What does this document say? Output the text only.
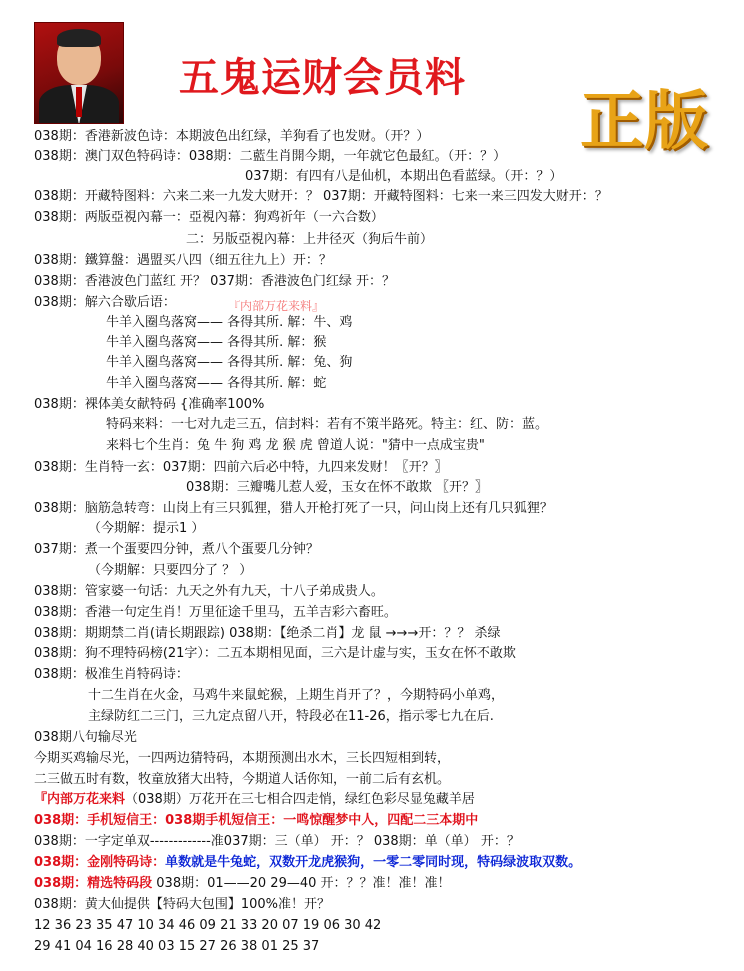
五鬼运财会员料
正版
『内部万花来料』
038期：香港新波色诗：本期波色出红绿，羊狗看了也发财。（开？）
038期：澳门双色特码诗：038期：二藍生肖開今期，一年就它色最紅。（开：？）
037期：有四有八是仙机，本期出色看蓝绿。（开：？）
038期：开藏特图料：六来二来一九发大财开：？ 037期：开藏特图料：七来一来三四发大财开：？
038期：两版亞視內幕一：亞視內幕：狗鸡祈年（一六合数）
二：另版亞視內幕：上井径灭（狗后牛前）
038期：鐵算盤：遇盟买八四（细五往九上）开：？
038期：香港波色门蓝红 开？ 037期：香港波色门红绿 开：？
038期：解六合歇后语：
牛羊入圈鸟落窝—— 各得其所. 解：牛、鸡
牛羊入圈鸟落窝—— 各得其所. 解：猴
牛羊入圈鸟落窝—— 各得其所. 解：兔、狗
牛羊入圈鸟落窝—— 各得其所. 解：蛇
038期：裸体美女献特码 {准确率100%
特码来料：一七对九走三五，信封料：若有不策半路死。特主：红、防：蓝。
来料七个生肖：兔 牛 狗 鸡 龙 猴 虎 曾道人说："猜中一点成宝贵"
038期：生肖特一玄：037期：四前六后必中特，九四来发财！〖开？〗
038期：三瓣嘴儿惹人爱，玉女在怀不敢欺 〖开？〗
038期：脑筋急转弯：山岗上有三只狐狸，猎人开枪打死了一只，问山岗上还有几只狐狸？
（今期解：提示1 ）
037期：煮一个蛋要四分钟，煮八个蛋要几分钟？
（今期解：只要四分了 ？ ）
038期：管家婆一句话：九天之外有九天，十八子弟成贵人。
038期：香港一句定生肖！万里征途千里马，五羊吉彩六畜旺。
038期：期期禁二肖(请长期跟踪) 038期：【绝杀二肖】龙 鼠 →→→开：？？ 杀绿
038期：狗不理特码榜(21字）：二五本期相见面，三六是计虚与实，玉女在怀不敢欺
038期：极准生肖特码诗：
十二生肖在火金，马鸡牛来鼠蛇猴，上期生肖开了？，今期特码小单鸡，
主绿防红二三门，三九定点留八开，特段必在11-26，指示零七九在后.
038期八句输尽光
今期买鸡输尽光，一四两边猜特码，本期预测出水木，三长四短相到转，
二三做五时有数，牧童放猪大出特，今期道人话你知，一前二后有玄机。
『内部万花来料（038期）万花开在三七相合四走悄，绿红色彩尽显兔藏羊居
038期：手机短信王：038期手机短信王：一鸣惊醒梦中人，四配二三本期中
038期：一字定单双-------------准037期：三（单） 开：？ 038期：单（单） 开：？
038期：金刚特码诗：单数就是牛兔蛇，双数开龙虎猴狗，一零二零同时现，特码绿波取双数。
038期：精选特码段 038期：01——20 29—40 开：？？准！准！准！
038期：黄大仙提供【特码大包围】100%准！开？
12 36 23 35 47 10 34 46 09 21 33 20 07 19 06 30 42
29 41 04 16 28 40 03 15 27 26 38 01 25 37
